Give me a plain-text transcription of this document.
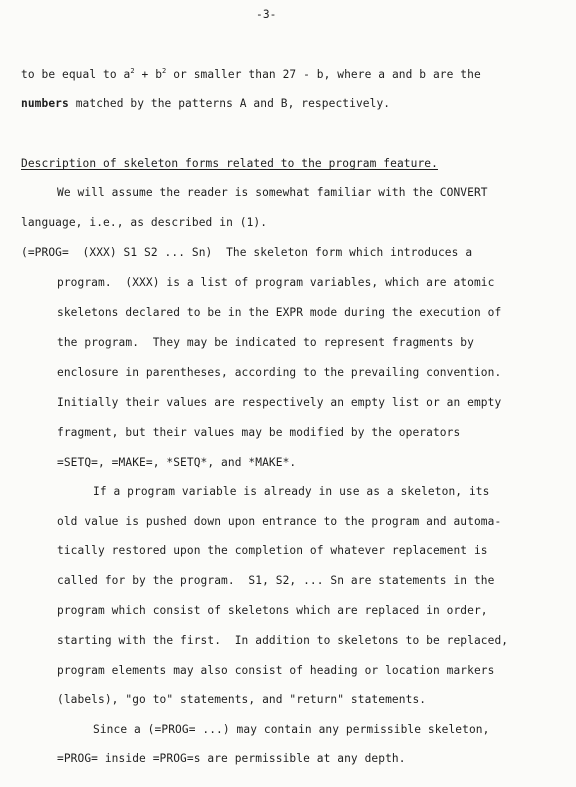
-3-
to be equal to $a^2 + b^2$ or smaller than 27 - b, where a and b are the
numbers matched by the patterns A and B, respectively.
Description of skeleton forms related to the program feature.
We will assume the reader is somewhat familiar with the CONVERT
language, i.e., as described in (1).
(=PROG=  (XXX) S1 S2 ... Sn) The skeleton form which introduces a
program.  (XXX) is a list of program variables, which are atomic
skeletons declared to be in the EXPR mode during the execution of
the program.  They may be indicated to represent fragments by
enclosure in parentheses, according to the prevailing convention.
Initially their values are respectively an empty list or an empty
fragment, but their values may be modified by the operators
=SETQ=, =MAKE=, *SETQ*, and *MAKE*.
If a program variable is already in use as a skeleton, its
old value is pushed down upon entrance to the program and automa-
tically restored upon the completion of whatever replacement is
called for by the program.  S1, S2, ... Sn are statements in the
program which consist of skeletons which are replaced in order,
starting with the first.  In addition to skeletons to be replaced,
program elements may also consist of heading or location markers
(labels), "go to" statements, and "return" statements.
Since a (=PROG= ...) may contain any permissible skeleton,
=PROG= inside =PROG=s are permissible at any depth.
